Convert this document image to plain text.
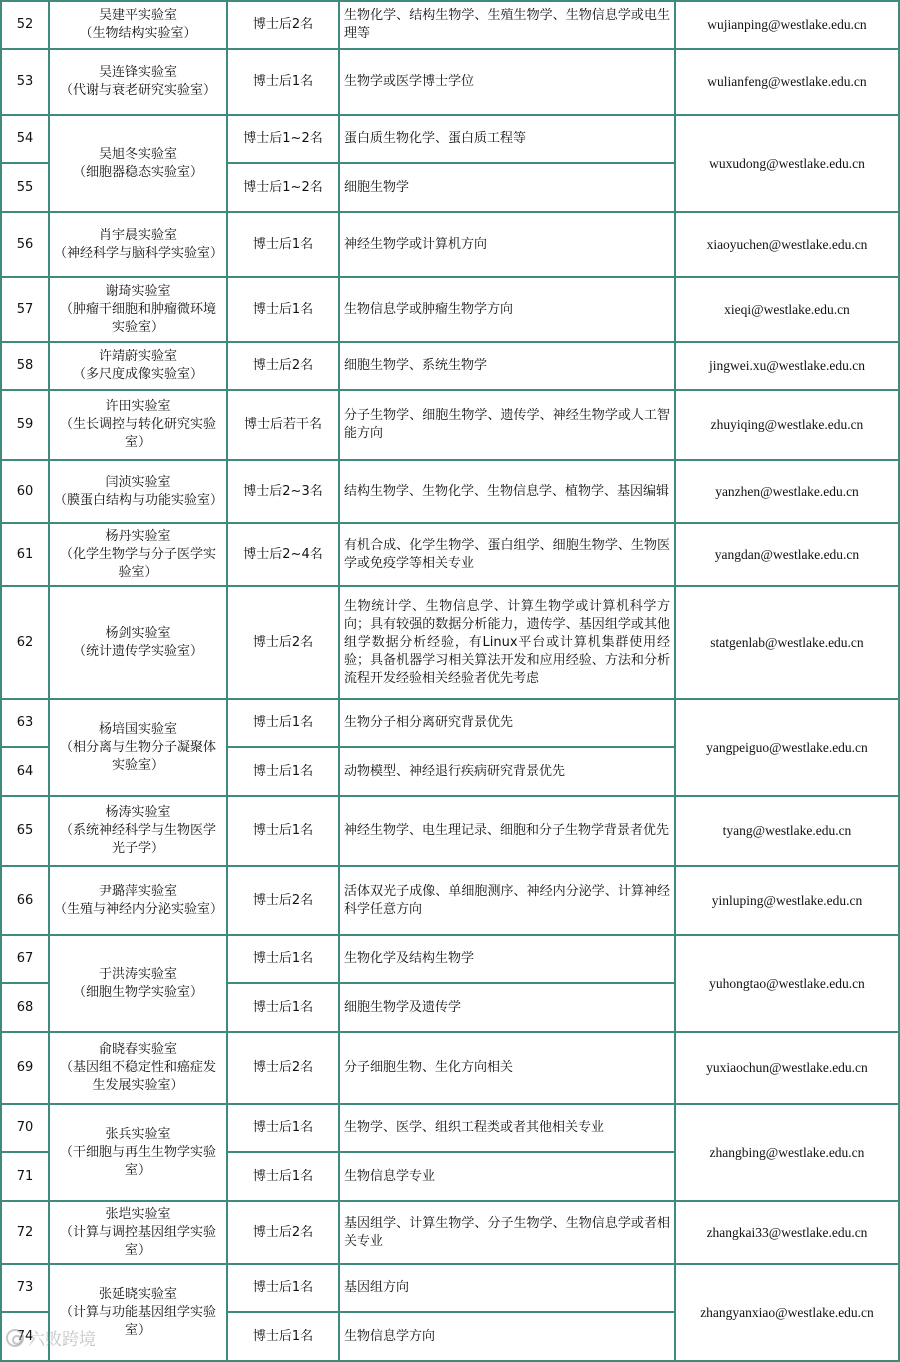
52	吴建平实验室
（生物结构实验室）	博士后2名	生物化学、结构生物学、生殖生物学、生物信息学或电生理等	wujianping@westlake.edu.cn
53	吴连锋实验室
（代谢与衰老研究实验室）	博士后1名	生物学或医学博士学位	wulianfeng@westlake.edu.cn
54	吴旭冬实验室
（细胞器稳态实验室）	博士后1~2名	蛋白质生物化学、蛋白质工程等	wuxudong@westlake.edu.cn
55		博士后1~2名	细胞生物学	
56	肖宇晨实验室
（神经科学与脑科学实验室）	博士后1名	神经生物学或计算机方向	xiaoyuchen@westlake.edu.cn
57	谢琦实验室
（肿瘤干细胞和肿瘤微环境实验室）	博士后1名	生物信息学或肿瘤生物学方向	xieqi@westlake.edu.cn
58	许靖蔚实验室
（多尺度成像实验室）	博士后2名	细胞生物学、系统生物学	jingwei.xu@westlake.edu.cn
59	许田实验室
（生长调控与转化研究实验室）	博士后若干名	分子生物学、细胞生物学、遗传学、神经生物学或人工智能方向	zhuyiqing@westlake.edu.cn
60	闫浈实验室
（膜蛋白结构与功能实验室）	博士后2~3名	结构生物学、生物化学、生物信息学、植物学、基因编辑	yanzhen@westlake.edu.cn
61	杨丹实验室
（化学生物学与分子医学实验室）	博士后2~4名	有机合成、化学生物学、蛋白组学、细胞生物学、生物医学或免疫学等相关专业	yangdan@westlake.edu.cn
62	杨剑实验室
（统计遗传学实验室）	博士后2名	生物统计学、生物信息学、计算生物学或计算机科学方向；具有较强的数据分析能力，遗传学、基因组学或其他组学数据分析经验，有Linux平台或计算机集群使用经验；具备机器学习相关算法开发和应用经验、方法和分析流程开发经验相关经验者优先考虑	statgenlab@westlake.edu.cn
63	杨培国实验室
（相分离与生物分子凝聚体实验室）	博士后1名	生物分子相分离研究背景优先	yangpeiguo@westlake.edu.cn
64		博士后1名	动物模型、神经退行疾病研究背景优先	
65	杨涛实验室
（系统神经科学与生物医学光子学）	博士后1名	神经生物学、电生理记录、细胞和分子生物学背景者优先	tyang@westlake.edu.cn
66	尹璐萍实验室
（生殖与神经内分泌实验室）	博士后2名	活体双光子成像、单细胞测序、神经内分泌学、计算神经科学任意方向	yinluping@westlake.edu.cn
67	于洪涛实验室
（细胞生物学实验室）	博士后1名	生物化学及结构生物学	yuhongtao@westlake.edu.cn
68		博士后1名	细胞生物学及遗传学	
69	俞晓春实验室
（基因组不稳定性和癌症发生发展实验室）	博士后2名	分子细胞生物、生化方向相关	yuxiaochun@westlake.edu.cn
70	张兵实验室
（干细胞与再生生物学实验室）	博士后1名	生物学、医学、组织工程类或者其他相关专业	zhangbing@westlake.edu.cn
71		博士后1名	生物信息学专业	
72	张垲实验室
（计算与调控基因组学实验室）	博士后2名	基因组学、计算生物学、分子生物学、生物信息学或者相关专业	zhangkai33@westlake.edu.cn
73	张延晓实验室
（计算与功能基因组学实验室）	博士后1名	基因组方向	zhangyanxiao@westlake.edu.cn
74		博士后1名	生物信息学方向	
六败跨境
